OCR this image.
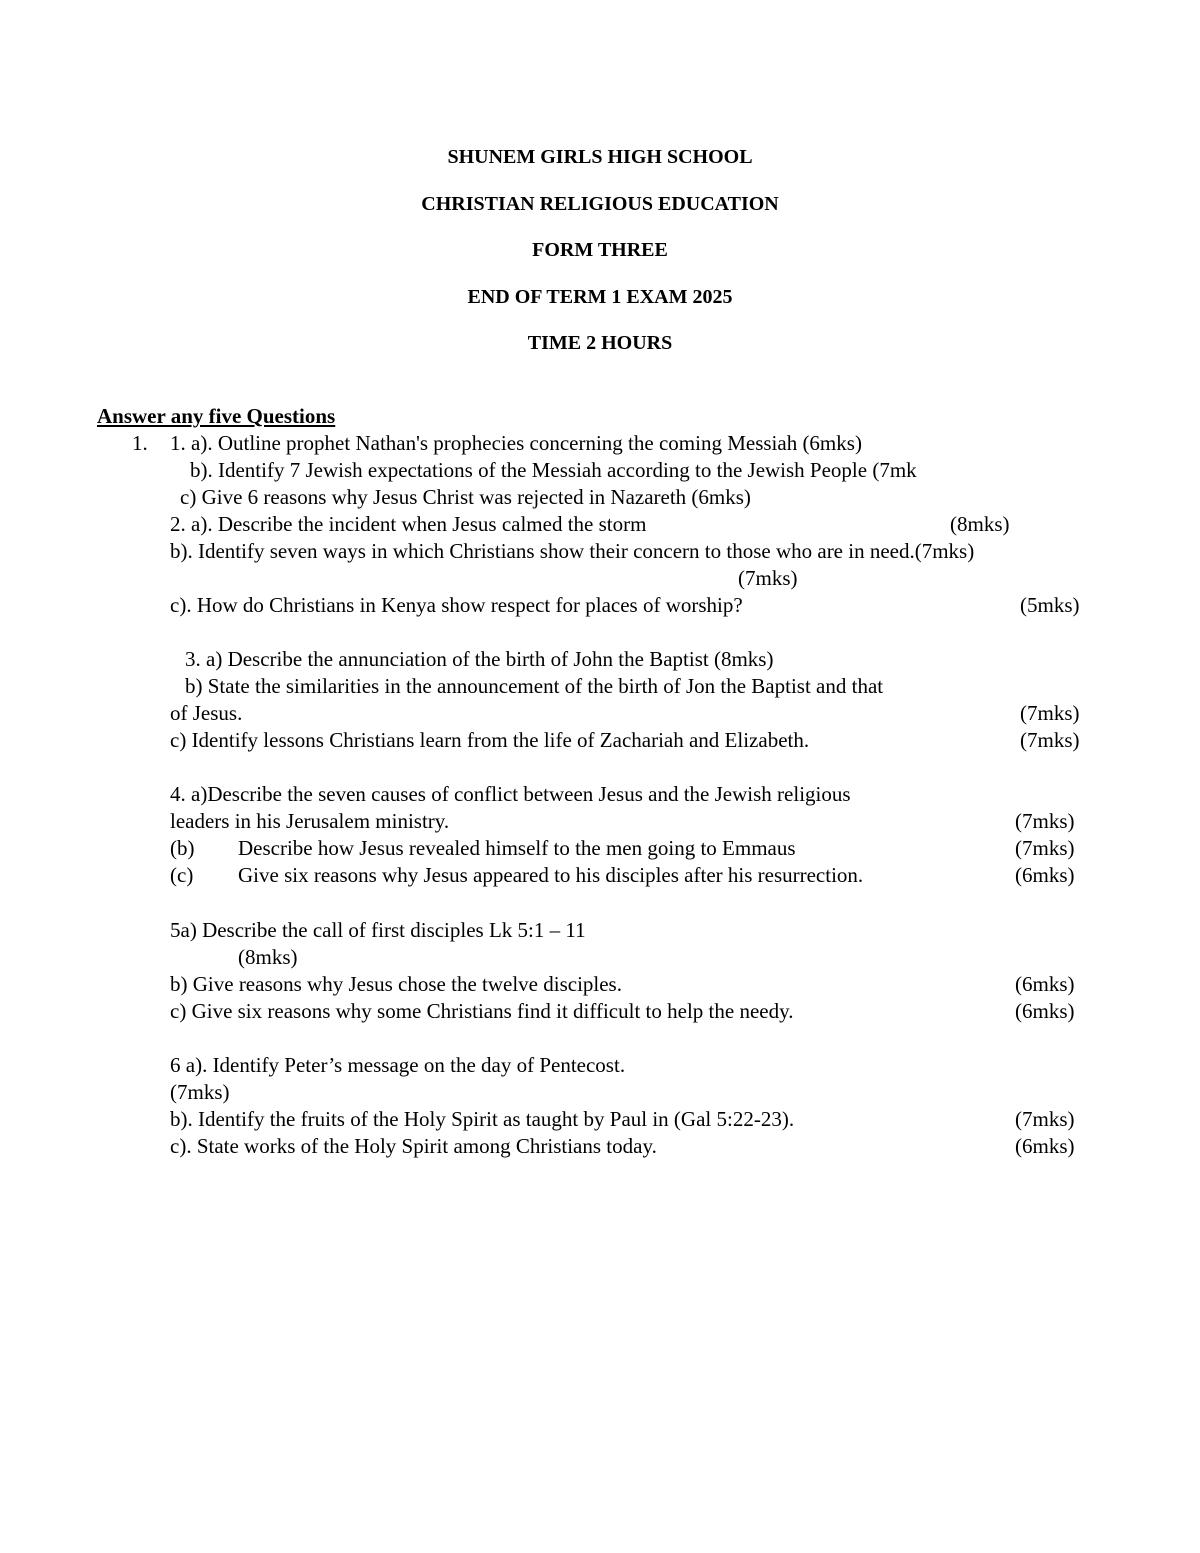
SHUNEM GIRLS HIGH SCHOOL
CHRISTIAN RELIGIOUS EDUCATION
FORM THREE
END OF TERM 1 EXAM 2025
TIME 2 HOURS
Answer any five Questions
1. 1. a). Outline prophet Nathan's prophecies concerning the coming Messiah (6mks)
b). Identify 7 Jewish expectations of the Messiah according to the Jewish People (7mk
c) Give 6 reasons why Jesus Christ was rejected in Nazareth (6mks)
2. a). Describe the incident when Jesus calmed the storm	(8mks)
b). Identify seven ways in which Christians show their concern to those who are in need.(7mks)
(7mks)
c). How do Christians in Kenya show respect for places of worship?	(5mks)
3. a) Describe the annunciation of the birth of John the Baptist (8mks)
b) State the similarities in the announcement of the birth of Jon the Baptist and that
of Jesus.	(7mks)
c) Identify lessons Christians learn from the life of Zachariah and Elizabeth.	(7mks)
4. a)Describe the seven causes of conflict between Jesus and the Jewish religious
leaders in his Jerusalem ministry.	(7mks)
(b) Describe how Jesus revealed himself to the men going to Emmaus	(7mks)
(c) Give six reasons why Jesus appeared to his disciples after his resurrection.	(6mks)
5a) Describe the call of first disciples Lk 5:1 – 11
(8mks)
b) Give reasons why Jesus chose the twelve disciples.	(6mks)
c) Give six reasons why some Christians find it difficult to help the needy.	(6mks)
6 a). Identify Peter’s message on the day of Pentecost.
(7mks)
b). Identify the fruits of the Holy Spirit as taught by Paul in (Gal 5:22-23).	(7mks)
c). State works of the Holy Spirit among Christians today.	(6mks)
